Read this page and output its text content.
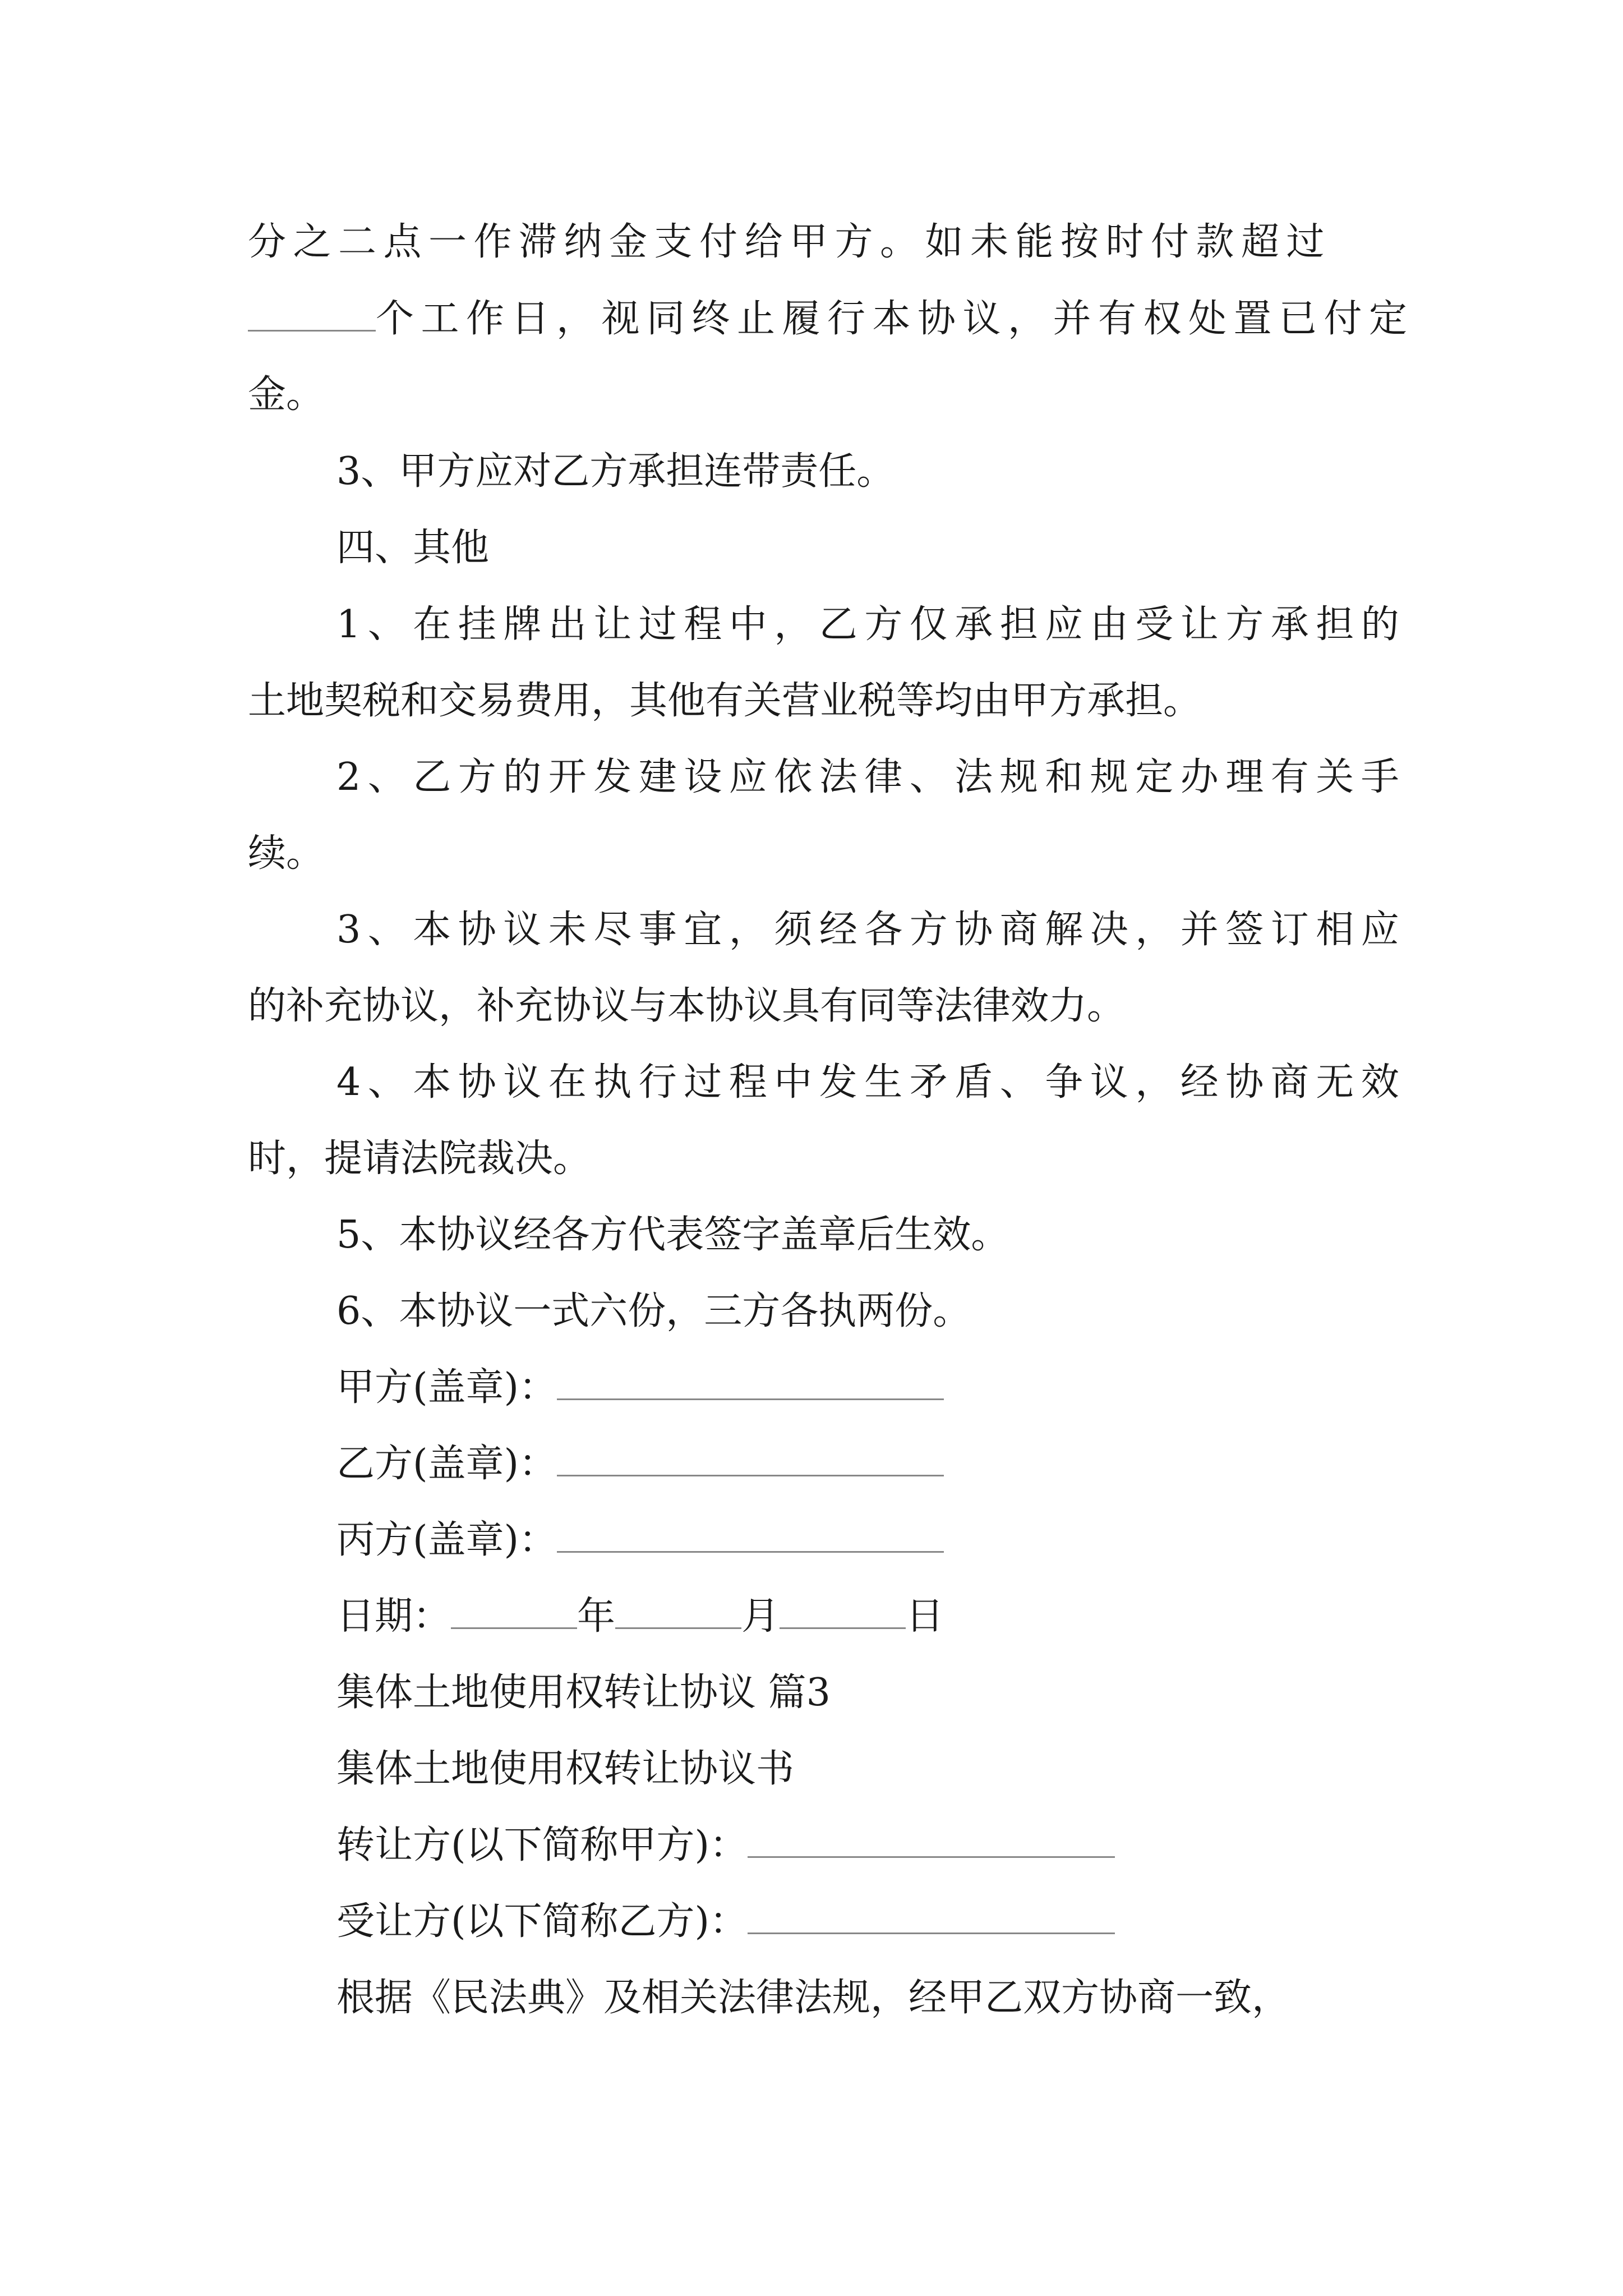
分之二点一作滞纳金支付给甲方。如未能按时付款超过
个工作日，视同终止履行本协议，并有权处置已付定
金。
3、甲方应对乙方承担连带责任。
四、其他
1、在挂牌出让过程中，乙方仅承担应由受让方承担的
土地契税和交易费用，其他有关营业税等均由甲方承担。
2、乙方的开发建设应依法律、法规和规定办理有关手
续。
3、本协议未尽事宜，须经各方协商解决，并签订相应
的补充协议，补充协议与本协议具有同等法律效力。
4、本协议在执行过程中发生矛盾、争议，经协商无效
时，提请法院裁决。
5、本协议经各方代表签字盖章后生效。
6、本协议一式六份，三方各执两份。
甲方(盖章)：
乙方(盖章)：
丙方(盖章)：
日期：	年	月	日
集体土地使用权转让协议 篇3
集体土地使用权转让协议书
转让方(以下简称甲方)：
受让方(以下简称乙方)：
根据《民法典》及相关法律法规，经甲乙双方协商一致，
